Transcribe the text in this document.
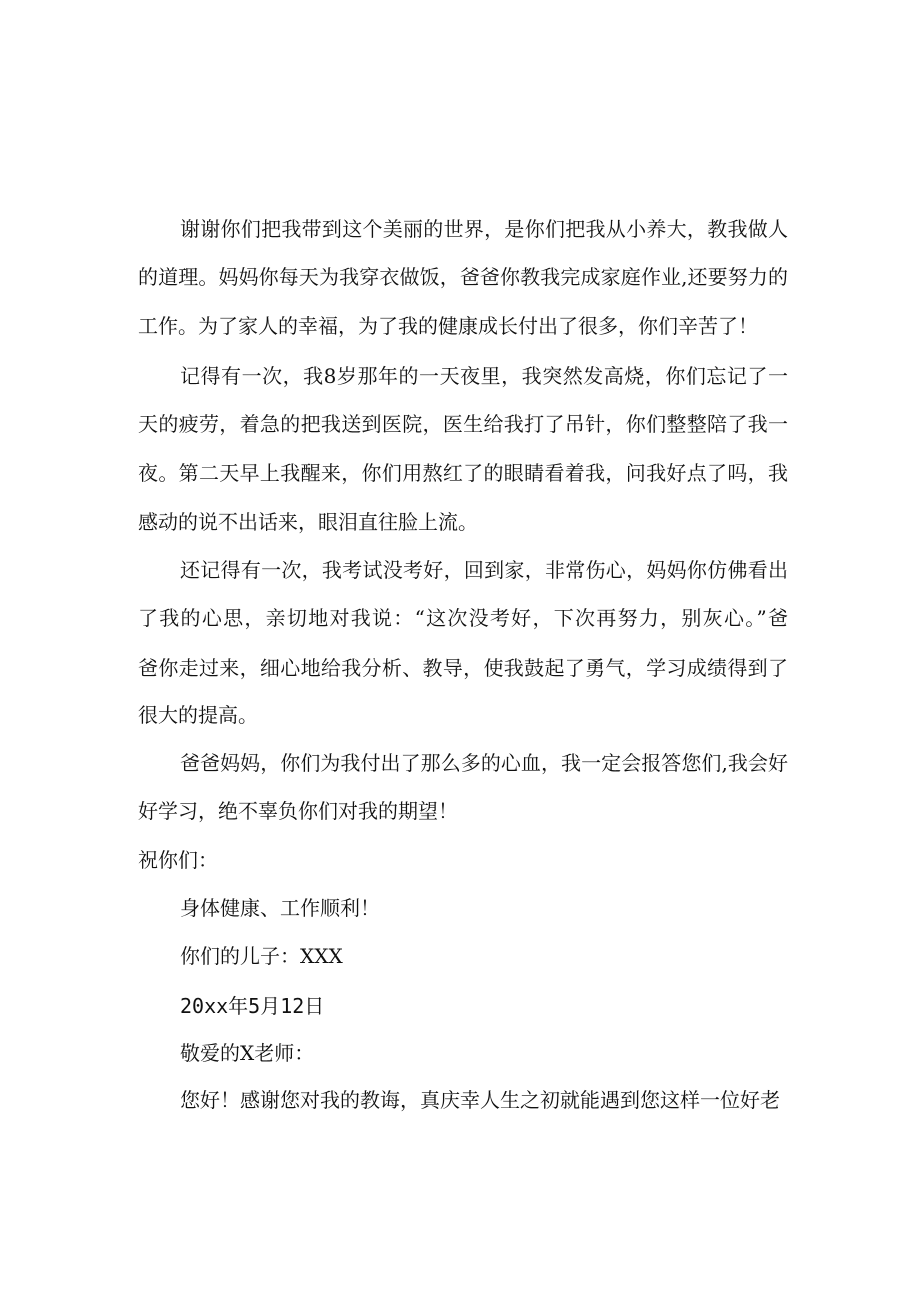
谢谢你们把我带到这个美丽的世界，是你们把我从小养大，教我做人
的道理。妈妈你每天为我穿衣做饭，爸爸你教我完成家庭作业,还要努力的
工作。为了家人的幸福，为了我的健康成长付出了很多，你们辛苦了！
记得有一次，我8岁那年的一天夜里，我突然发高烧，你们忘记了一
天的疲劳，着急的把我送到医院，医生给我打了吊针，你们整整陪了我一
夜。第二天早上我醒来，你们用熬红了的眼睛看着我，问我好点了吗，我
感动的说不出话来，眼泪直往脸上流。
还记得有一次，我考试没考好，回到家，非常伤心，妈妈你仿佛看出
了我的心思，亲切地对我说：“这次没考好，下次再努力，别灰心。”爸
爸你走过来，细心地给我分析、教导，使我鼓起了勇气，学习成绩得到了
很大的提高。
爸爸妈妈，你们为我付出了那么多的心血，我一定会报答您们,我会好
好学习，绝不辜负你们对我的期望！
祝你们：
身体健康、工作顺利！
你们的儿子：XXX
20xx年5月12日
敬爱的X老师：
您好！感谢您对我的教诲，真庆幸人生之初就能遇到您这样一位好老
